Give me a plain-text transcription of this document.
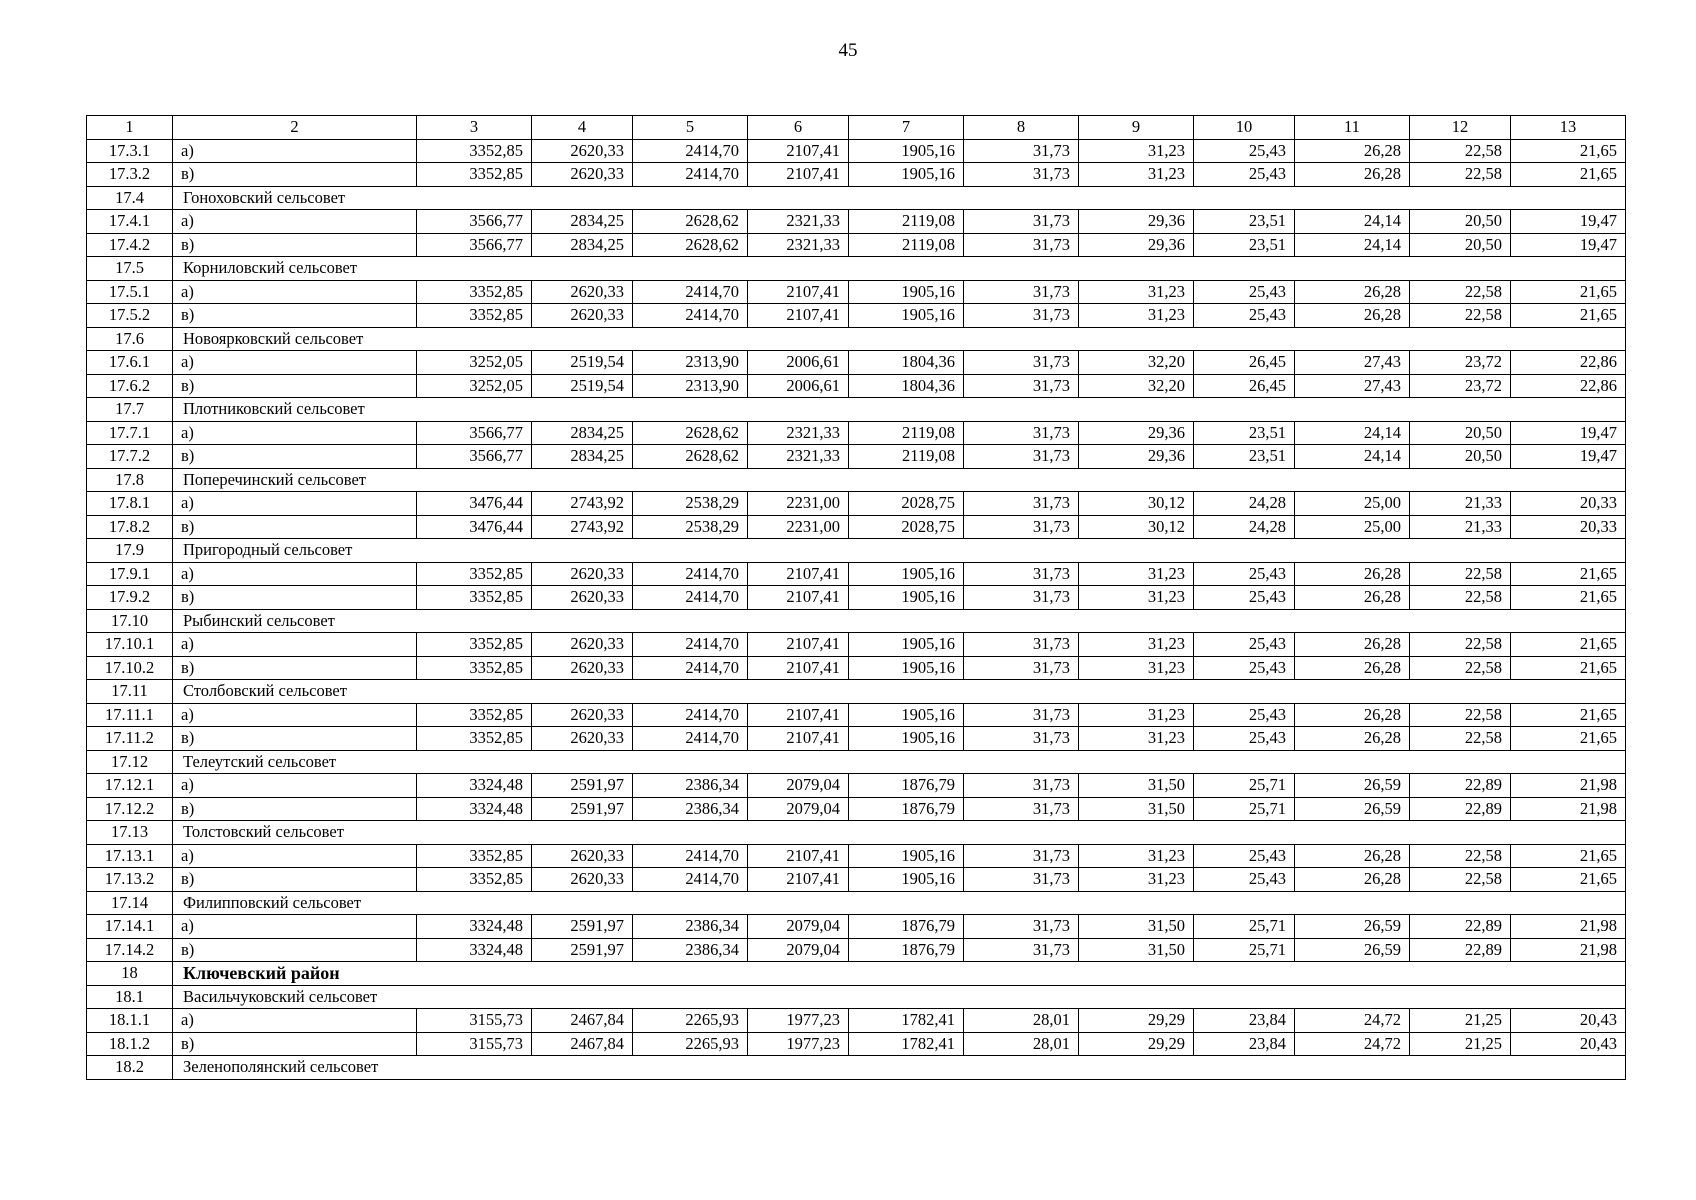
45
1	2	3	4	5	6	7	8	9	10	11	12	13
17.3.1	а)	3352,85	2620,33	2414,70	2107,41	1905,16	31,73	31,23	25,43	26,28	22,58	21,65
17.3.2	в)	3352,85	2620,33	2414,70	2107,41	1905,16	31,73	31,23	25,43	26,28	22,58	21,65
17.4	Гоноховский сельсовет											
17.4.1	а)	3566,77	2834,25	2628,62	2321,33	2119,08	31,73	29,36	23,51	24,14	20,50	19,47
17.4.2	в)	3566,77	2834,25	2628,62	2321,33	2119,08	31,73	29,36	23,51	24,14	20,50	19,47
17.5	Корниловский сельсовет											
17.5.1	а)	3352,85	2620,33	2414,70	2107,41	1905,16	31,73	31,23	25,43	26,28	22,58	21,65
17.5.2	в)	3352,85	2620,33	2414,70	2107,41	1905,16	31,73	31,23	25,43	26,28	22,58	21,65
17.6	Новоярковский сельсовет											
17.6.1	а)	3252,05	2519,54	2313,90	2006,61	1804,36	31,73	32,20	26,45	27,43	23,72	22,86
17.6.2	в)	3252,05	2519,54	2313,90	2006,61	1804,36	31,73	32,20	26,45	27,43	23,72	22,86
17.7	Плотниковский сельсовет											
17.7.1	а)	3566,77	2834,25	2628,62	2321,33	2119,08	31,73	29,36	23,51	24,14	20,50	19,47
17.7.2	в)	3566,77	2834,25	2628,62	2321,33	2119,08	31,73	29,36	23,51	24,14	20,50	19,47
17.8	Поперечинский сельсовет											
17.8.1	а)	3476,44	2743,92	2538,29	2231,00	2028,75	31,73	30,12	24,28	25,00	21,33	20,33
17.8.2	в)	3476,44	2743,92	2538,29	2231,00	2028,75	31,73	30,12	24,28	25,00	21,33	20,33
17.9	Пригородный сельсовет											
17.9.1	а)	3352,85	2620,33	2414,70	2107,41	1905,16	31,73	31,23	25,43	26,28	22,58	21,65
17.9.2	в)	3352,85	2620,33	2414,70	2107,41	1905,16	31,73	31,23	25,43	26,28	22,58	21,65
17.10	Рыбинский сельсовет											
17.10.1	а)	3352,85	2620,33	2414,70	2107,41	1905,16	31,73	31,23	25,43	26,28	22,58	21,65
17.10.2	в)	3352,85	2620,33	2414,70	2107,41	1905,16	31,73	31,23	25,43	26,28	22,58	21,65
17.11	Столбовский сельсовет											
17.11.1	а)	3352,85	2620,33	2414,70	2107,41	1905,16	31,73	31,23	25,43	26,28	22,58	21,65
17.11.2	в)	3352,85	2620,33	2414,70	2107,41	1905,16	31,73	31,23	25,43	26,28	22,58	21,65
17.12	Телеутский сельсовет											
17.12.1	а)	3324,48	2591,97	2386,34	2079,04	1876,79	31,73	31,50	25,71	26,59	22,89	21,98
17.12.2	в)	3324,48	2591,97	2386,34	2079,04	1876,79	31,73	31,50	25,71	26,59	22,89	21,98
17.13	Толстовский сельсовет											
17.13.1	а)	3352,85	2620,33	2414,70	2107,41	1905,16	31,73	31,23	25,43	26,28	22,58	21,65
17.13.2	в)	3352,85	2620,33	2414,70	2107,41	1905,16	31,73	31,23	25,43	26,28	22,58	21,65
17.14	Филипповский сельсовет											
17.14.1	а)	3324,48	2591,97	2386,34	2079,04	1876,79	31,73	31,50	25,71	26,59	22,89	21,98
17.14.2	в)	3324,48	2591,97	2386,34	2079,04	1876,79	31,73	31,50	25,71	26,59	22,89	21,98
18	Ключевский район											
18.1	Васильчуковский сельсовет											
18.1.1	а)	3155,73	2467,84	2265,93	1977,23	1782,41	28,01	29,29	23,84	24,72	21,25	20,43
18.1.2	в)	3155,73	2467,84	2265,93	1977,23	1782,41	28,01	29,29	23,84	24,72	21,25	20,43
18.2	Зеленополянский сельсовет											
